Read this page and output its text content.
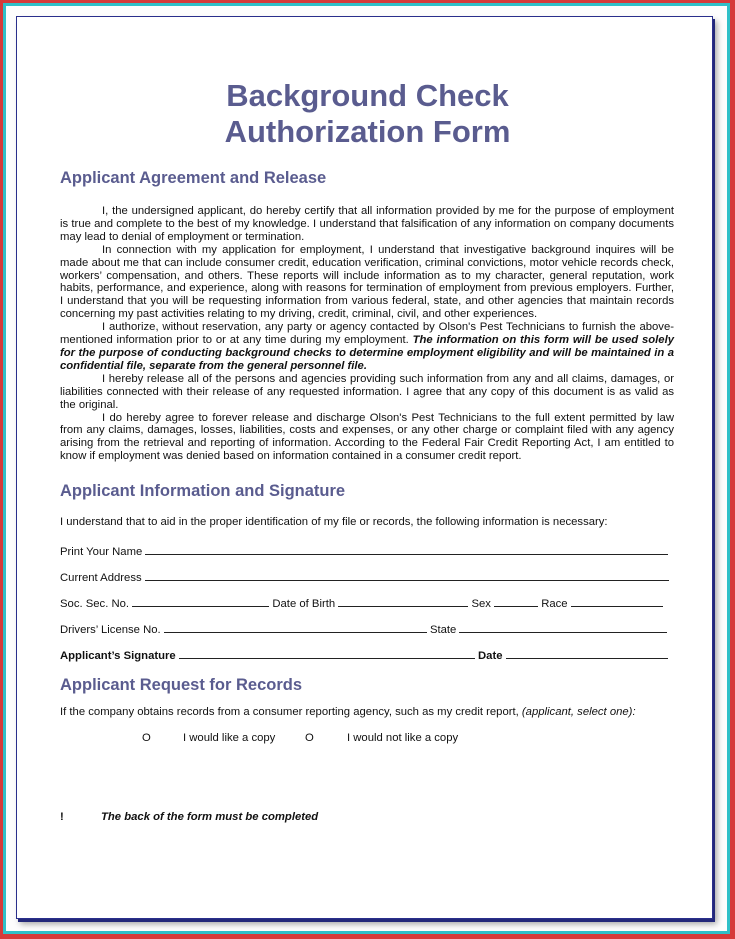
Background Check
Authorization Form
Applicant Agreement and Release

I, the undersigned applicant, do hereby certify that all information provided by me for the purpose of employment is true and complete to the best of my knowledge. I understand that falsification of any information on company documents may lead to denial of employment or termination.

In connection with my application for employment, I understand that investigative background inquires will be made about me that can include consumer credit, education verification, criminal convictions, motor vehicle records check, workers’ compensation, and others. These reports will include information as to my character, general reputation, work habits, performance, and experience, along with reasons for termination of employment from previous employers. Further, I understand that you will be requesting information from various federal, state, and other agencies that maintain records concerning my past activities relating to my driving, credit, criminal, civil, and other experiences.

I authorize, without reservation, any party or agency contacted by Olson's Pest Technicians to furnish the above-mentioned information prior to or at any time during my employment. The information on this form will be used solely for the purpose of conducting background checks to determine employment eligibility and will be maintained in a confidential file, separate from the general personnel file.

I hereby release all of the persons and agencies providing such information from any and all claims, damages, or liabilities connected with their release of any requested information. I agree that any copy of this document is as valid as the original.

I do hereby agree to forever release and discharge Olson's Pest Technicians to the full extent permitted by law from any claims, damages, losses, liabilities, costs and expenses, or any other charge or complaint filed with any agency arising from the retrieval and reporting of information. According to the Federal Fair Credit Reporting Act, I am entitled to know if employment was denied based on information contained in a consumer credit report.

Applicant Information and Signature
I understand that to aid in the proper identification of my file or records, the following information is necessary:
Print Your Name
Current Address
Soc. Sec. No.	Date of Birth	Sex	Race
Drivers’ License No.	State
Applicant’s Signature	Date
Applicant Request for Records
If the company obtains records from a consumer reporting agency, such as my credit report, (applicant, select one):
O	I would like a copy	O	I would not like a copy
!	The back of the form must be completed
